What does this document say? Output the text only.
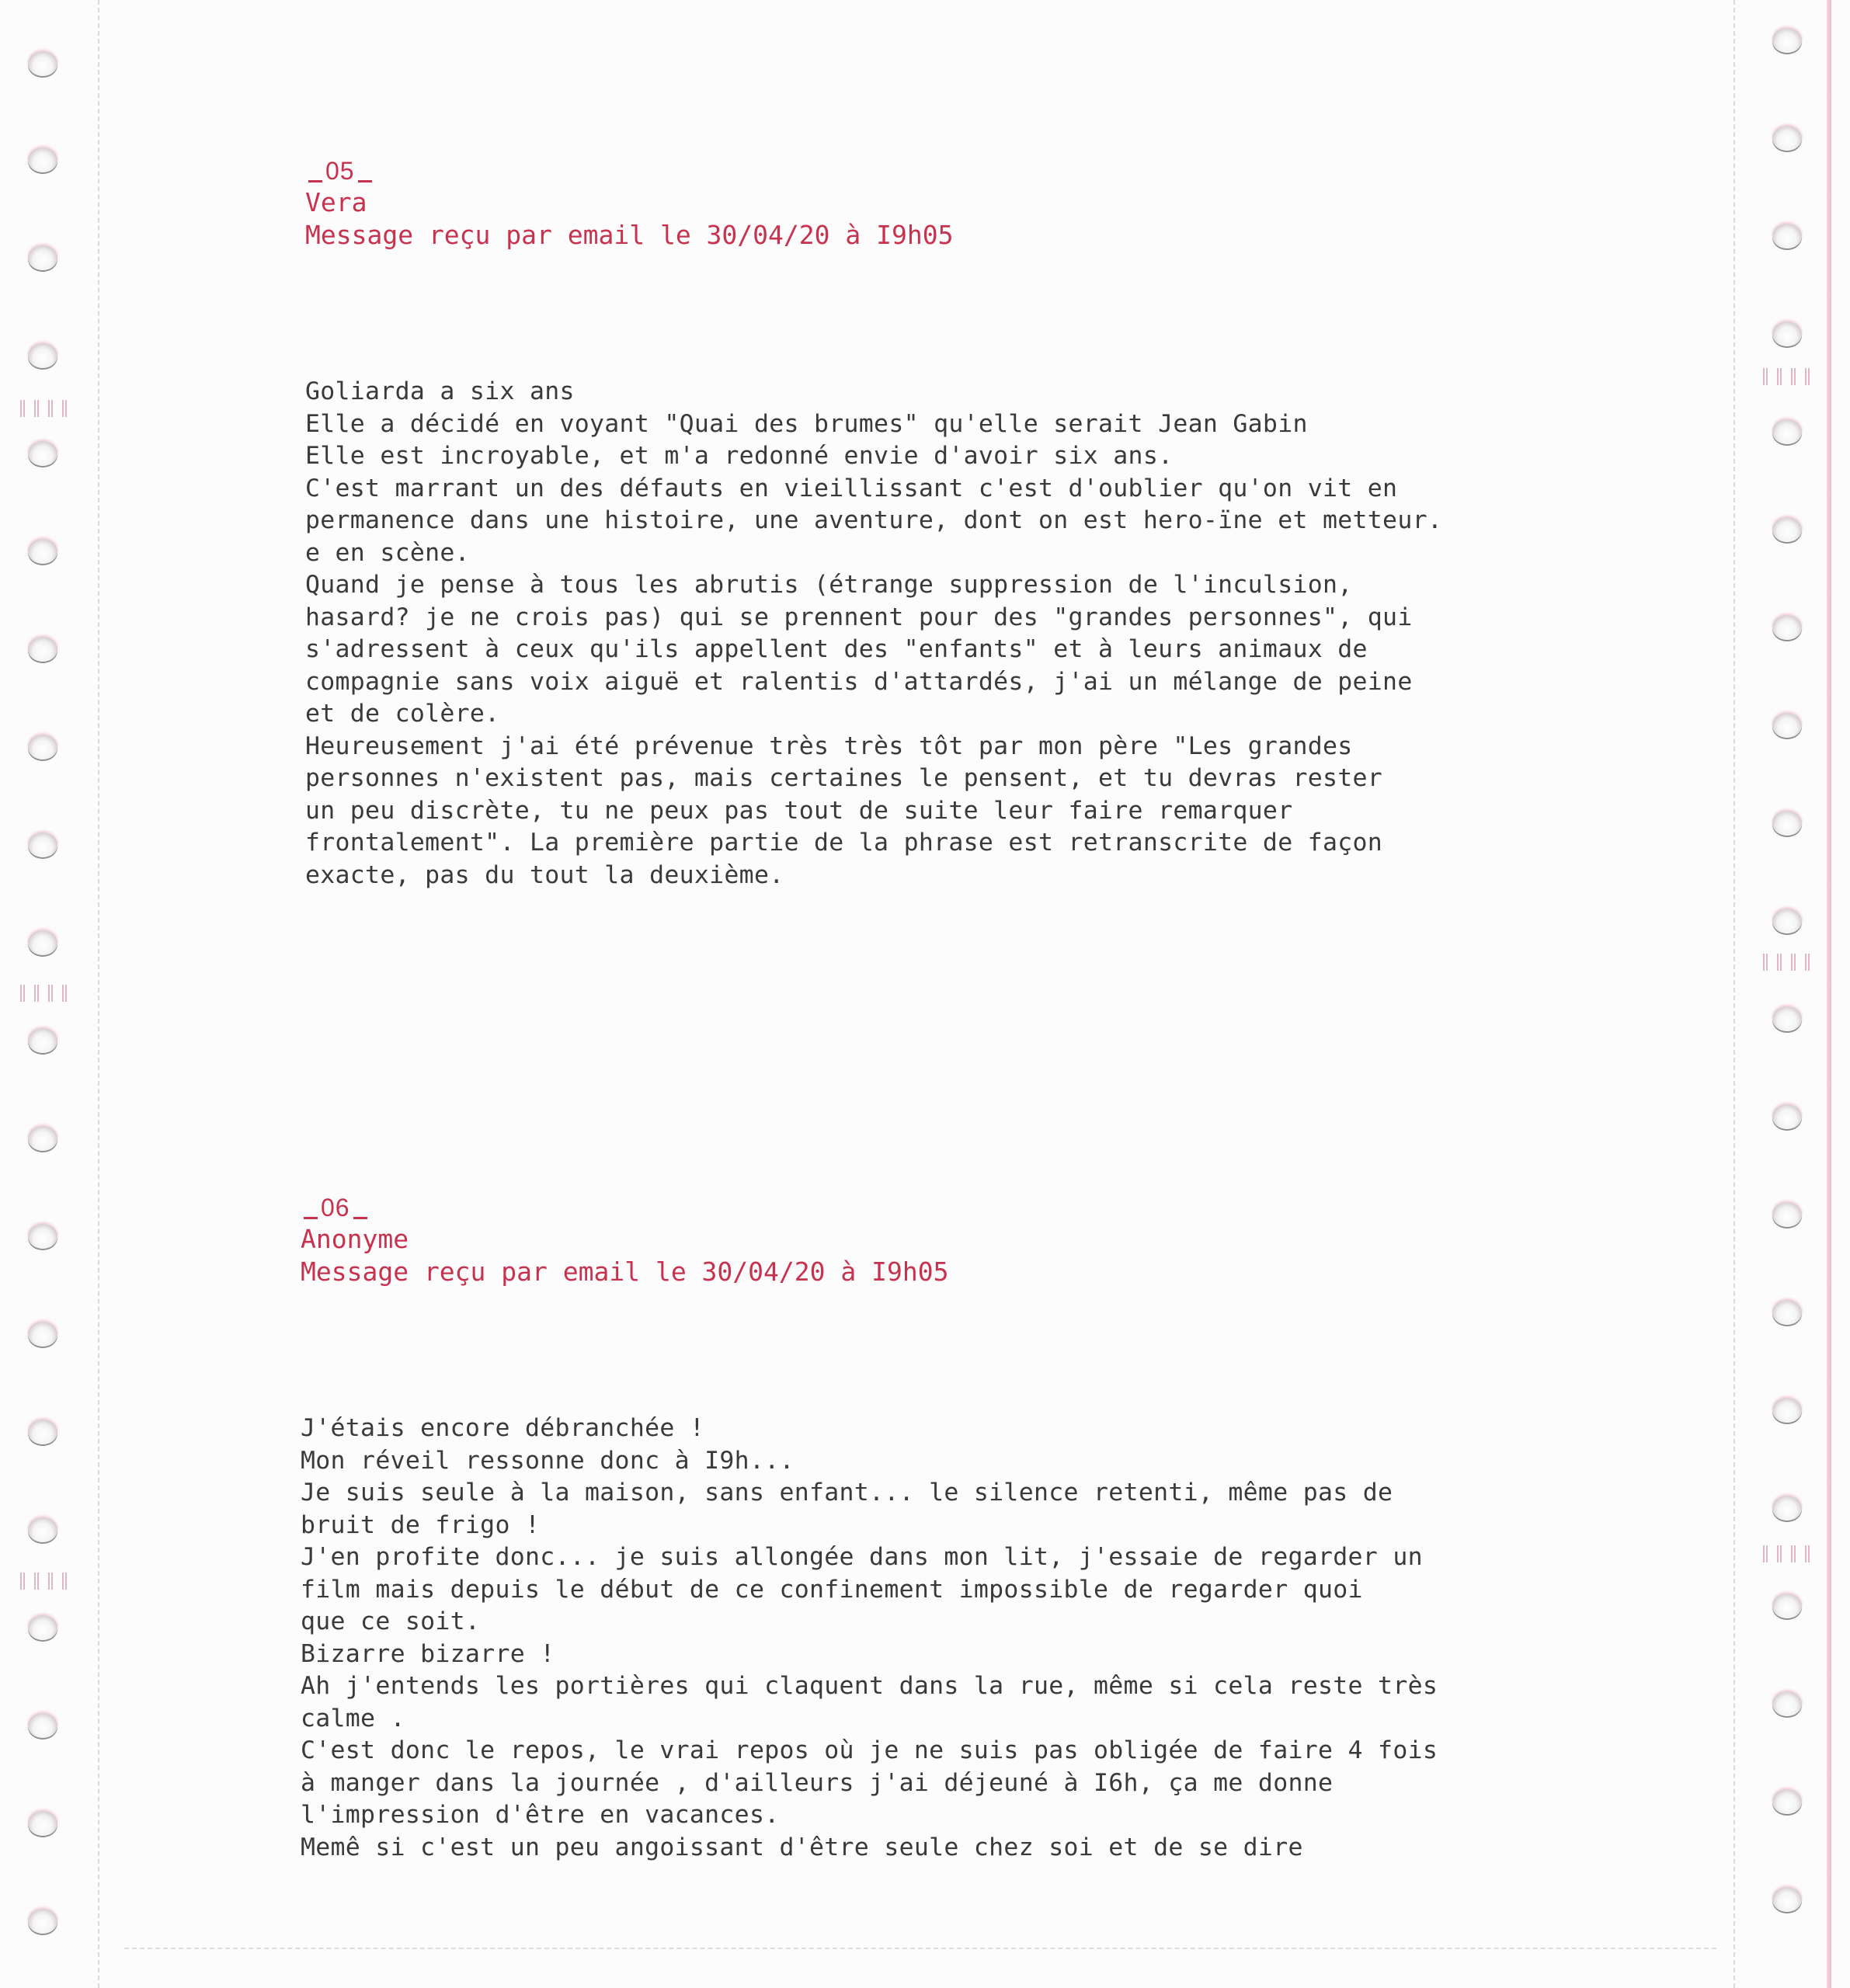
05
Vera
Message reçu par email le 30/04/20 à I9h05
Goliarda a six ans
Elle a décidé en voyant "Quai des brumes" qu'elle serait Jean Gabin
Elle est incroyable, et m'a redonné envie d'avoir six ans.
C'est marrant un des défauts en vieillissant c'est d'oublier qu'on vit en
permanence dans une histoire, une aventure, dont on est hero-ïne et metteur.
e en scène.
Quand je pense à tous les abrutis (étrange suppression de l'inculsion,
hasard? je ne crois pas) qui se prennent pour des "grandes personnes", qui
s'adressent à ceux qu'ils appellent des "enfants" et à leurs animaux de
compagnie sans voix aiguë et ralentis d'attardés, j'ai un mélange de peine
et de colère.
Heureusement j'ai été prévenue très très tôt par mon père "Les grandes
personnes n'existent pas, mais certaines le pensent, et tu devras rester
un peu discrète, tu ne peux pas tout de suite leur faire remarquer
frontalement". La première partie de la phrase est retranscrite de façon
exacte, pas du tout la deuxième.
06
Anonyme
Message reçu par email le 30/04/20 à I9h05
J'étais encore débranchée !
Mon réveil ressonne donc à I9h...
Je suis seule à la maison, sans enfant... le silence retenti, même pas de
bruit de frigo !
J'en profite donc... je suis allongée dans mon lit, j'essaie de regarder un
film mais depuis le début de ce confinement impossible de regarder quoi
que ce soit.
Bizarre bizarre !
Ah j'entends les portières qui claquent dans la rue, même si cela reste très
calme .
C'est donc le repos, le vrai repos où je ne suis pas obligée de faire 4 fois
à manger dans la journée , d'ailleurs j'ai déjeuné à I6h, ça me donne
l'impression d'être en vacances.
Memê si c'est un peu angoissant d'être seule chez soi et de se dire
